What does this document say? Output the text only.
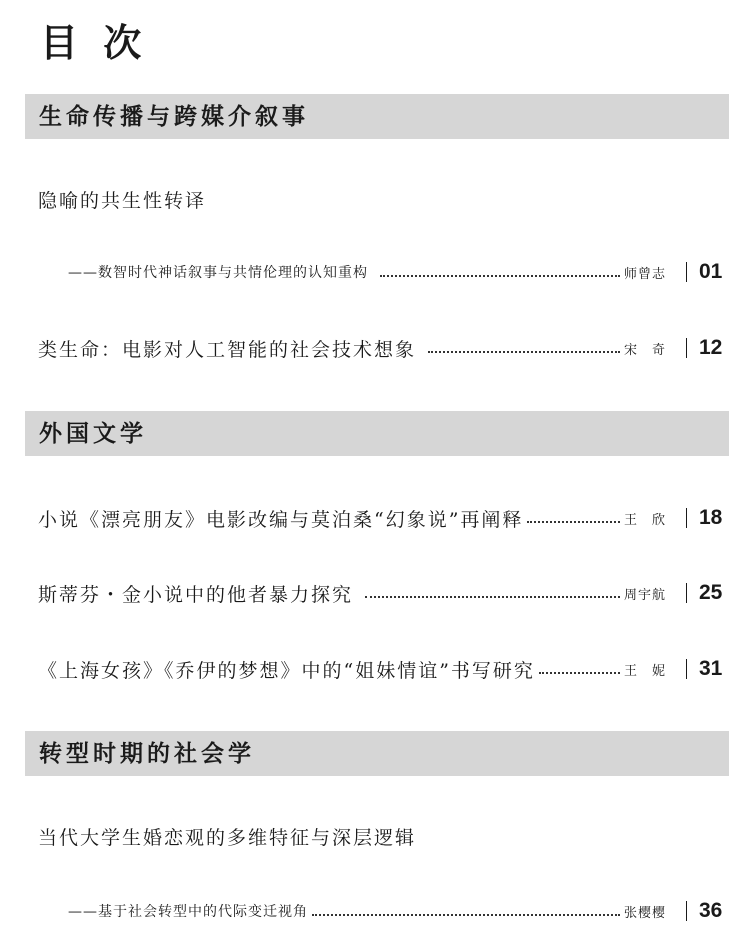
目 次
生命传播与跨媒介叙事
隐喻的共生性转译
——数智时代神话叙事与共情伦理的认知重构	师曾志 01
类生命：电影对人工智能的社会技术想象	宋　奇 12
外国文学
小说《漂亮朋友》电影改编与莫泊桑“幻象说”再阐释	王　欣 18
斯蒂芬・金小说中的他者暴力探究	周宇航 25
《上海女孩》《乔伊的梦想》中的“姐妹情谊”书写研究	王　妮 31
转型时期的社会学
当代大学生婚恋观的多维特征与深层逻辑
——基于社会转型中的代际变迁视角	张樱樱 36
